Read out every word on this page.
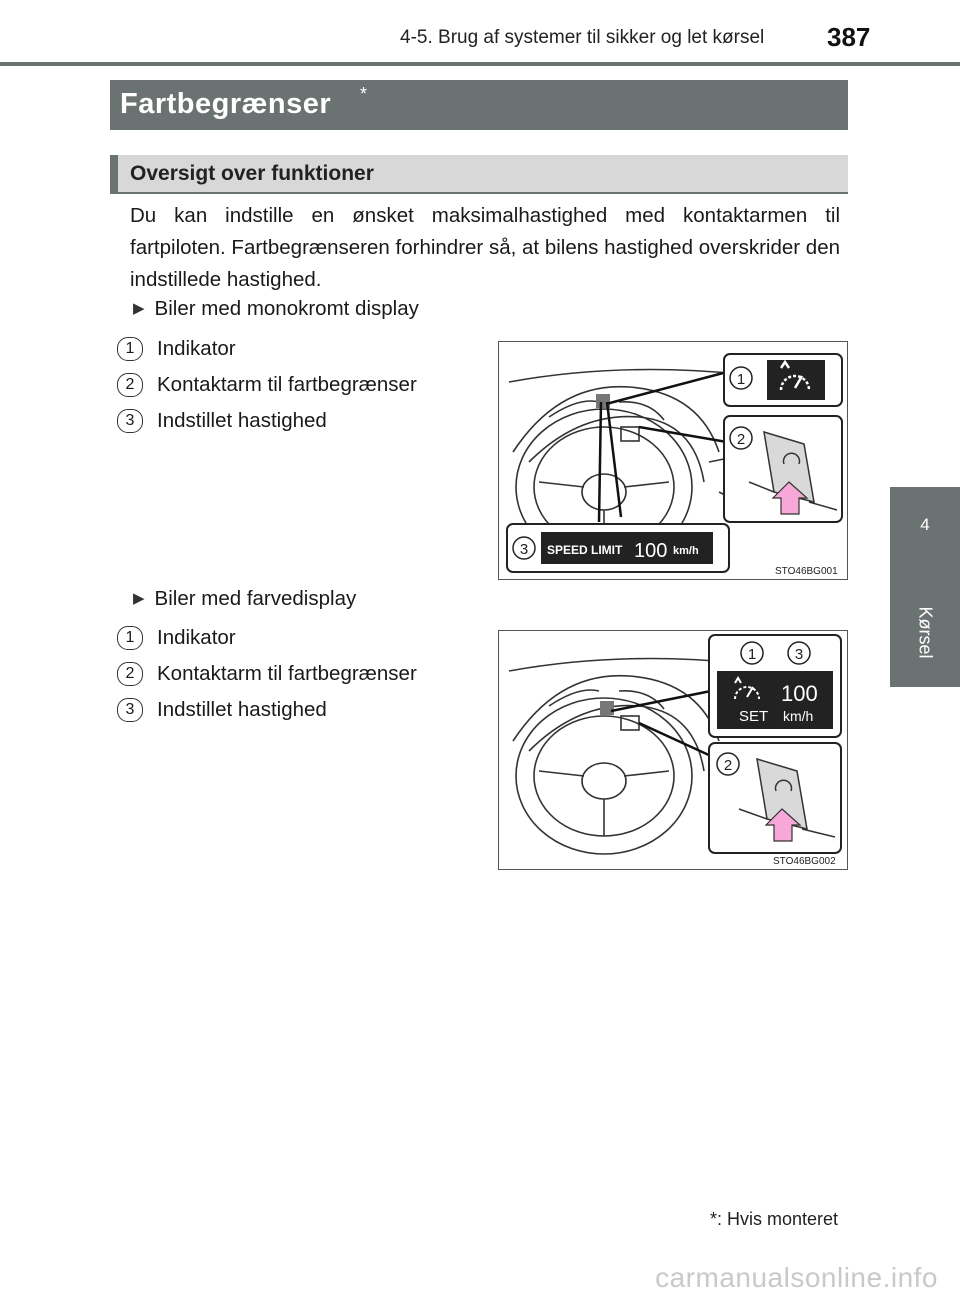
4-5. Brug af systemer til sikker og let kørsel 387
4
Kørsel
Fartbegrænser *
Oversigt over funktioner
Du kan indstille en ønsket maksimalhastighed med kontaktarmen til fartpiloten. Fartbegrænseren forhindrer så, at bilens hastighed overskrider den indstillede hastighed.
▶ Biler med monokromt display
1 Indikator
2 Kontaktarm til fartbegrænser
3 Indstillet hastighed
1
2
3 SPEED LIMIT 100 km/h
STO46BG001
▶ Biler med farvedisplay
1 Indikator
2 Kontaktarm til fartbegrænser
3 Indstillet hastighed
1	3
100
SET km/h
2
STO46BG002
*: Hvis monteret
carmanualsonline.info
